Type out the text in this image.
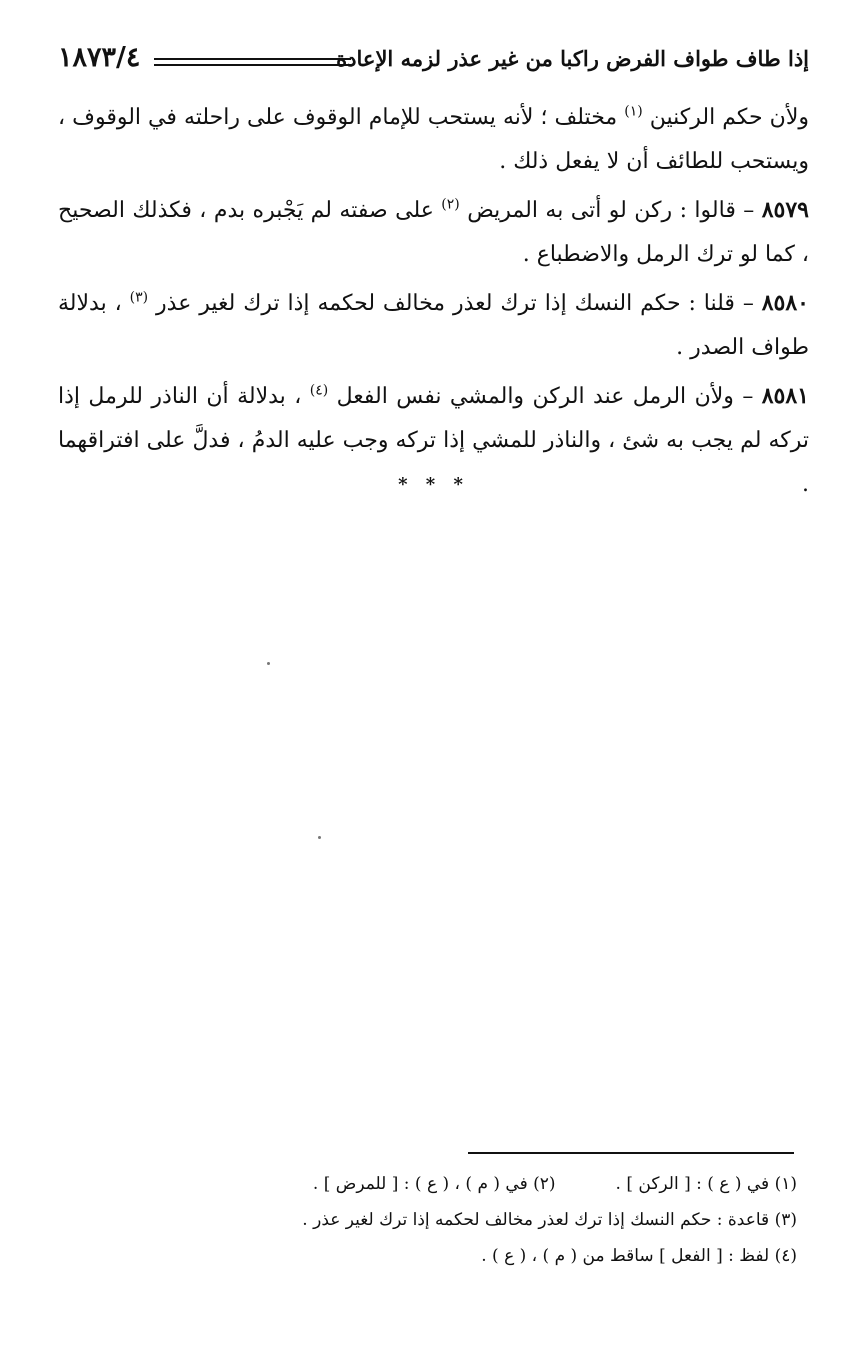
إذا طاف طواف الفرض راكبا من غير عذر لزمه الإعادة
١٨٧٣/٤

ولأن حكم الركنين $^{(١)}$ مختلف ؛ لأنه يستحب للإمام الوقوف على راحلته في الوقوف ، ويستحب للطائف أن لا يفعل ذلك .

٨٥٧٩ – قالوا : ركن لو أتى به المريض $^{(٢)}$ على صفته لم يَجْبره بدم ، فكذلك الصحيح ، كما لو ترك الرمل والاضطباع .

٨٥٨٠ – قلنا : حكم النسك إذا ترك لعذر مخالف لحكمه إذا ترك لغير عذر $^{(٣)}$ ، بدلالة طواف الصدر .

٨٥٨١ – ولأن الرمل عند الركن والمشي نفس الفعل $^{(٤)}$ ، بدلالة أن الناذر للرمل إذا تركه لم يجب به شئ ، والناذر للمشي إذا تركه وجب عليه الدمُ ، فدلَّ على افتراقهما .

* * *
(١) في ( ع ) : [ الركن ] .(٢) في ( م ) ، ( ع ) : [ للمرض ] .
(٣) قاعدة : حكم النسك إذا ترك لعذر مخالف لحكمه إذا ترك لغير عذر .
(٤) لفظ : [ الفعل ] ساقط من ( م ) ، ( ع ) .
